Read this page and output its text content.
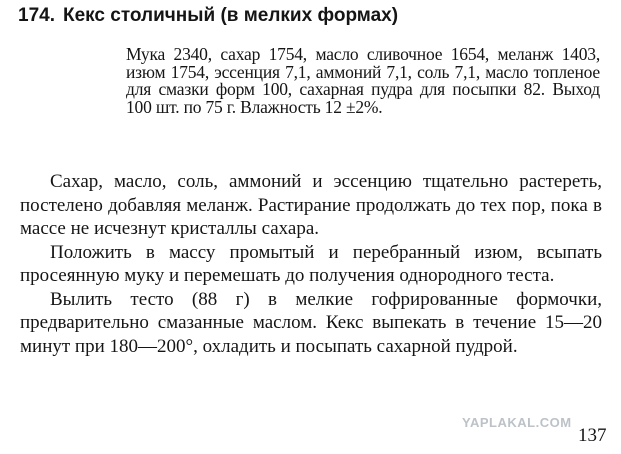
174. Кекс столичный (в мелких формах)
Мука 2340, сахар 1754, масло сливочное 1654, меланж 1403, изюм 1754, эссенция 7,1, аммоний 7,1, соль 7,1, масло топленое для смазки форм 100, сахарная пудра для посыпки 82. Выход 100 шт. по 75 г. Влажность 12 ±2%.

Сахар, масло, соль, аммоний и эссенцию тщательно растереть, постелено добавляя меланж. Растирание продолжать до тех пор, пока в массе не исчезнут кристаллы сахара.

Положить в массу промытый и перебранный изюм, всыпать просеянную муку и перемешать до получения однородного теста.

Вылить тесто (88 г) в мелкие гофрированные формочки, предварительно смазанные маслом. Кекс выпекать в течение 15—20 минут при 180—200°, охладить и посыпать сахарной пудрой.

YAPLAKAL.COM
137
